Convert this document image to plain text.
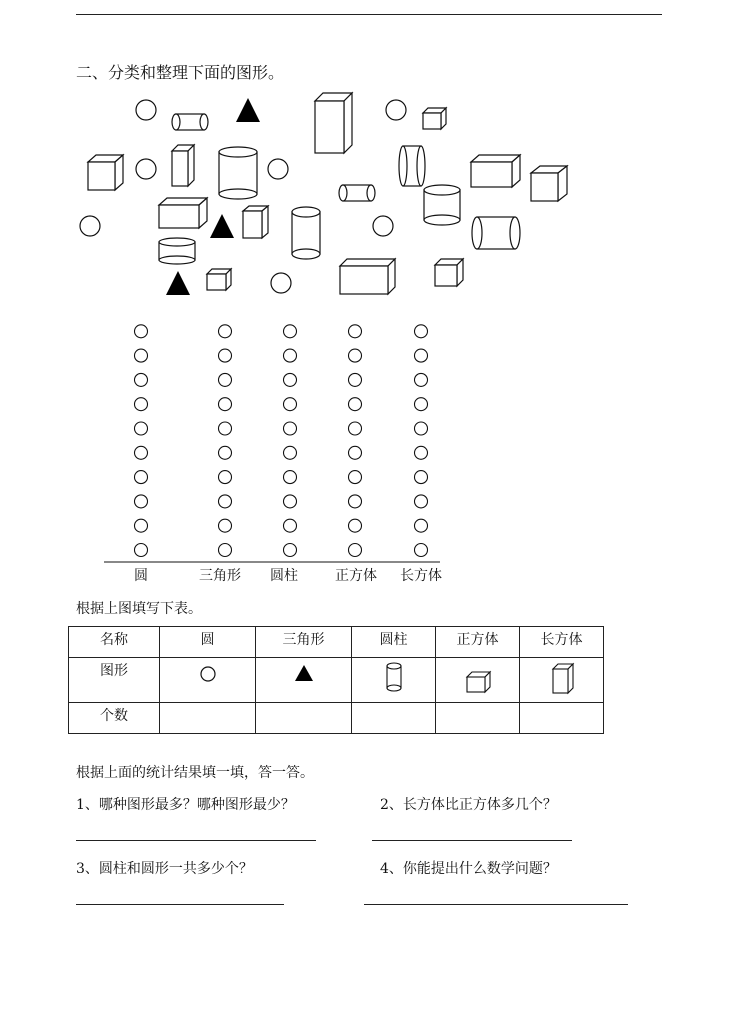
二、分类和整理下面的图形。
圆	三角形	圆柱	正方体	长方体
根据上图填写下表。
名称	圆	三角形	圆柱	正方体	长方体

图形

个数					

根据上面的统计结果填一填，答一答。
1、哪种图形最多？哪种图形最少？	2、长方体比正方体多几个？
3、圆柱和圆形一共多少个？	4、你能提出什么数学问题？
